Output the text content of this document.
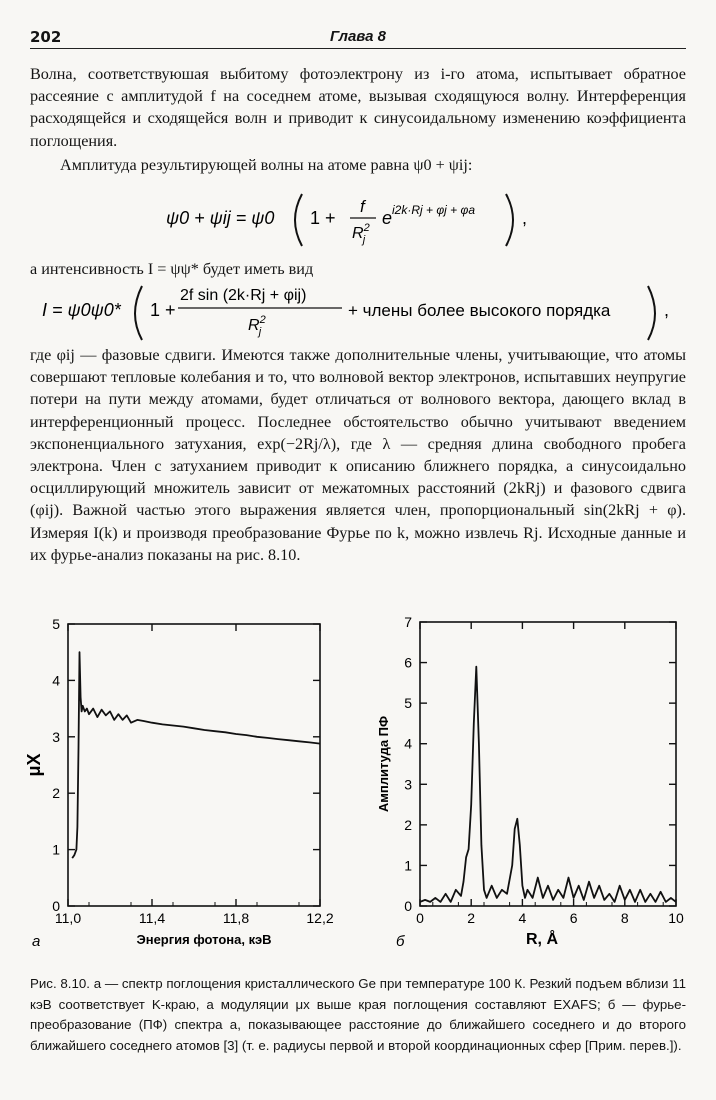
202	Глава 8
Волна, соответствуюшая выбитому фотоэлектрону из i-го атома, испытывает обратное рассеяние с амплитудой f на соседнем атоме, вызывая сходящуюся волну. Интерференция расходящейся и сходящейся волн и приводит к синусоидальному изменению коэффициента поглощения.
Амплитуда результирующей волны на атоме равна ψ0 + ψij:
ψ0 + ψij = ψ0 1 +
f
$R^2$ j
e i2k·Rj + φj + φa	,
а интенсивность I = ψψ* будет иметь вид
I = ψ0ψ0* 1 +
2f sin (2k·Rj + φij)
$R^2$ j
+ члены более высокого порядка	,
где φij — фазовые сдвиги. Имеются также дополнительные члены, учитывающие, что атомы совершают тепловые колебания и то, что волновой вектор электронов, испытавших неупругие потери на пути между атомами, будет отличаться от волнового вектора, дающего вклад в интерференционный процесс. Последнее обстоятельство обычно учитывают введением экспоненциального затухания, exp(−2Rj/λ), где λ — средняя длина свободного пробега электрона. Член с затуханием приводит к описанию ближнего порядка, а синусоидально осциллирующий множитель зависит от межатомных расстояний (2kRj) и фазового сдвига (φij). Важной частью этого выражения является член, пропорциональный sin(2kRj + φ). Измеряя I(k) и производя преобразование Фурье по k, можно извлечь Rj. Исходные данные и их фурье-анализ показаны на рис. 8.10.
0
1
2
3
4
5
11,0	11,4	11,8	12,2
Энергия фотона, кэВ
μX
а
0
1
2
3
4
5
6
7
0	2	4	6	8	10
R, Å
Амплитуда ПФ
б
Рис. 8.10. а — спектр поглощения кристаллического Ge при температуре 100 К. Резкий подъем вблизи 11 кэВ соответствует K-краю, а модуляции μx выше края поглощения составляют EXAFS; б — фурье-преобразование (ПФ) спектра а, показывающее расстояние до ближайшего соседнего и до второго ближайшего соседнего атомов [3] (т. е. радиусы первой и второй координационных сфер [Прим. перев.]).
